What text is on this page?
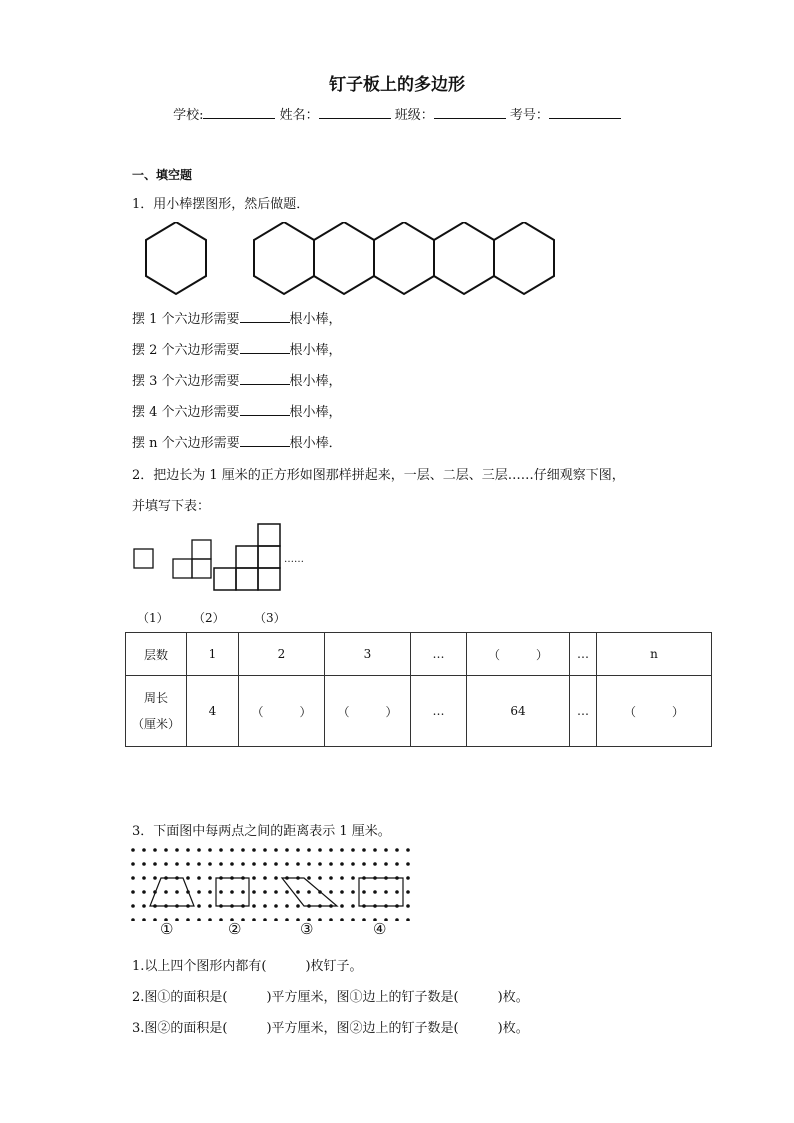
钉子板上的多边形
学校:	姓名：	班级：	考号：
一、填空题
1．用小棒摆图形，然后做题．
摆 1 个六边形需要	根小棒，
摆 2 个六边形需要	根小棒，
摆 3 个六边形需要	根小棒，
摆 4 个六边形需要	根小棒，
摆 n 个六边形需要	根小棒．
2．把边长为 1 厘米的正方形如图那样拼起来，一层、二层、三层……仔细观察下图，
并填写下表：
……
（1） （2） （3）
层数	1	2	3	…	（　　　）	…	n
周长
（厘米）	4	（　　　）	（　　　）	…	64	…	（　　　）
3．下面图中每两点之间的距离表示 1 厘米。
①	②	③	④
1.以上四个图形内都有(　　　)枚钉子。
2.图①的面积是(　　　)平方厘米，图①边上的钉子数是(　　　)枚。
3.图②的面积是(　　　)平方厘米，图②边上的钉子数是(　　　)枚。
